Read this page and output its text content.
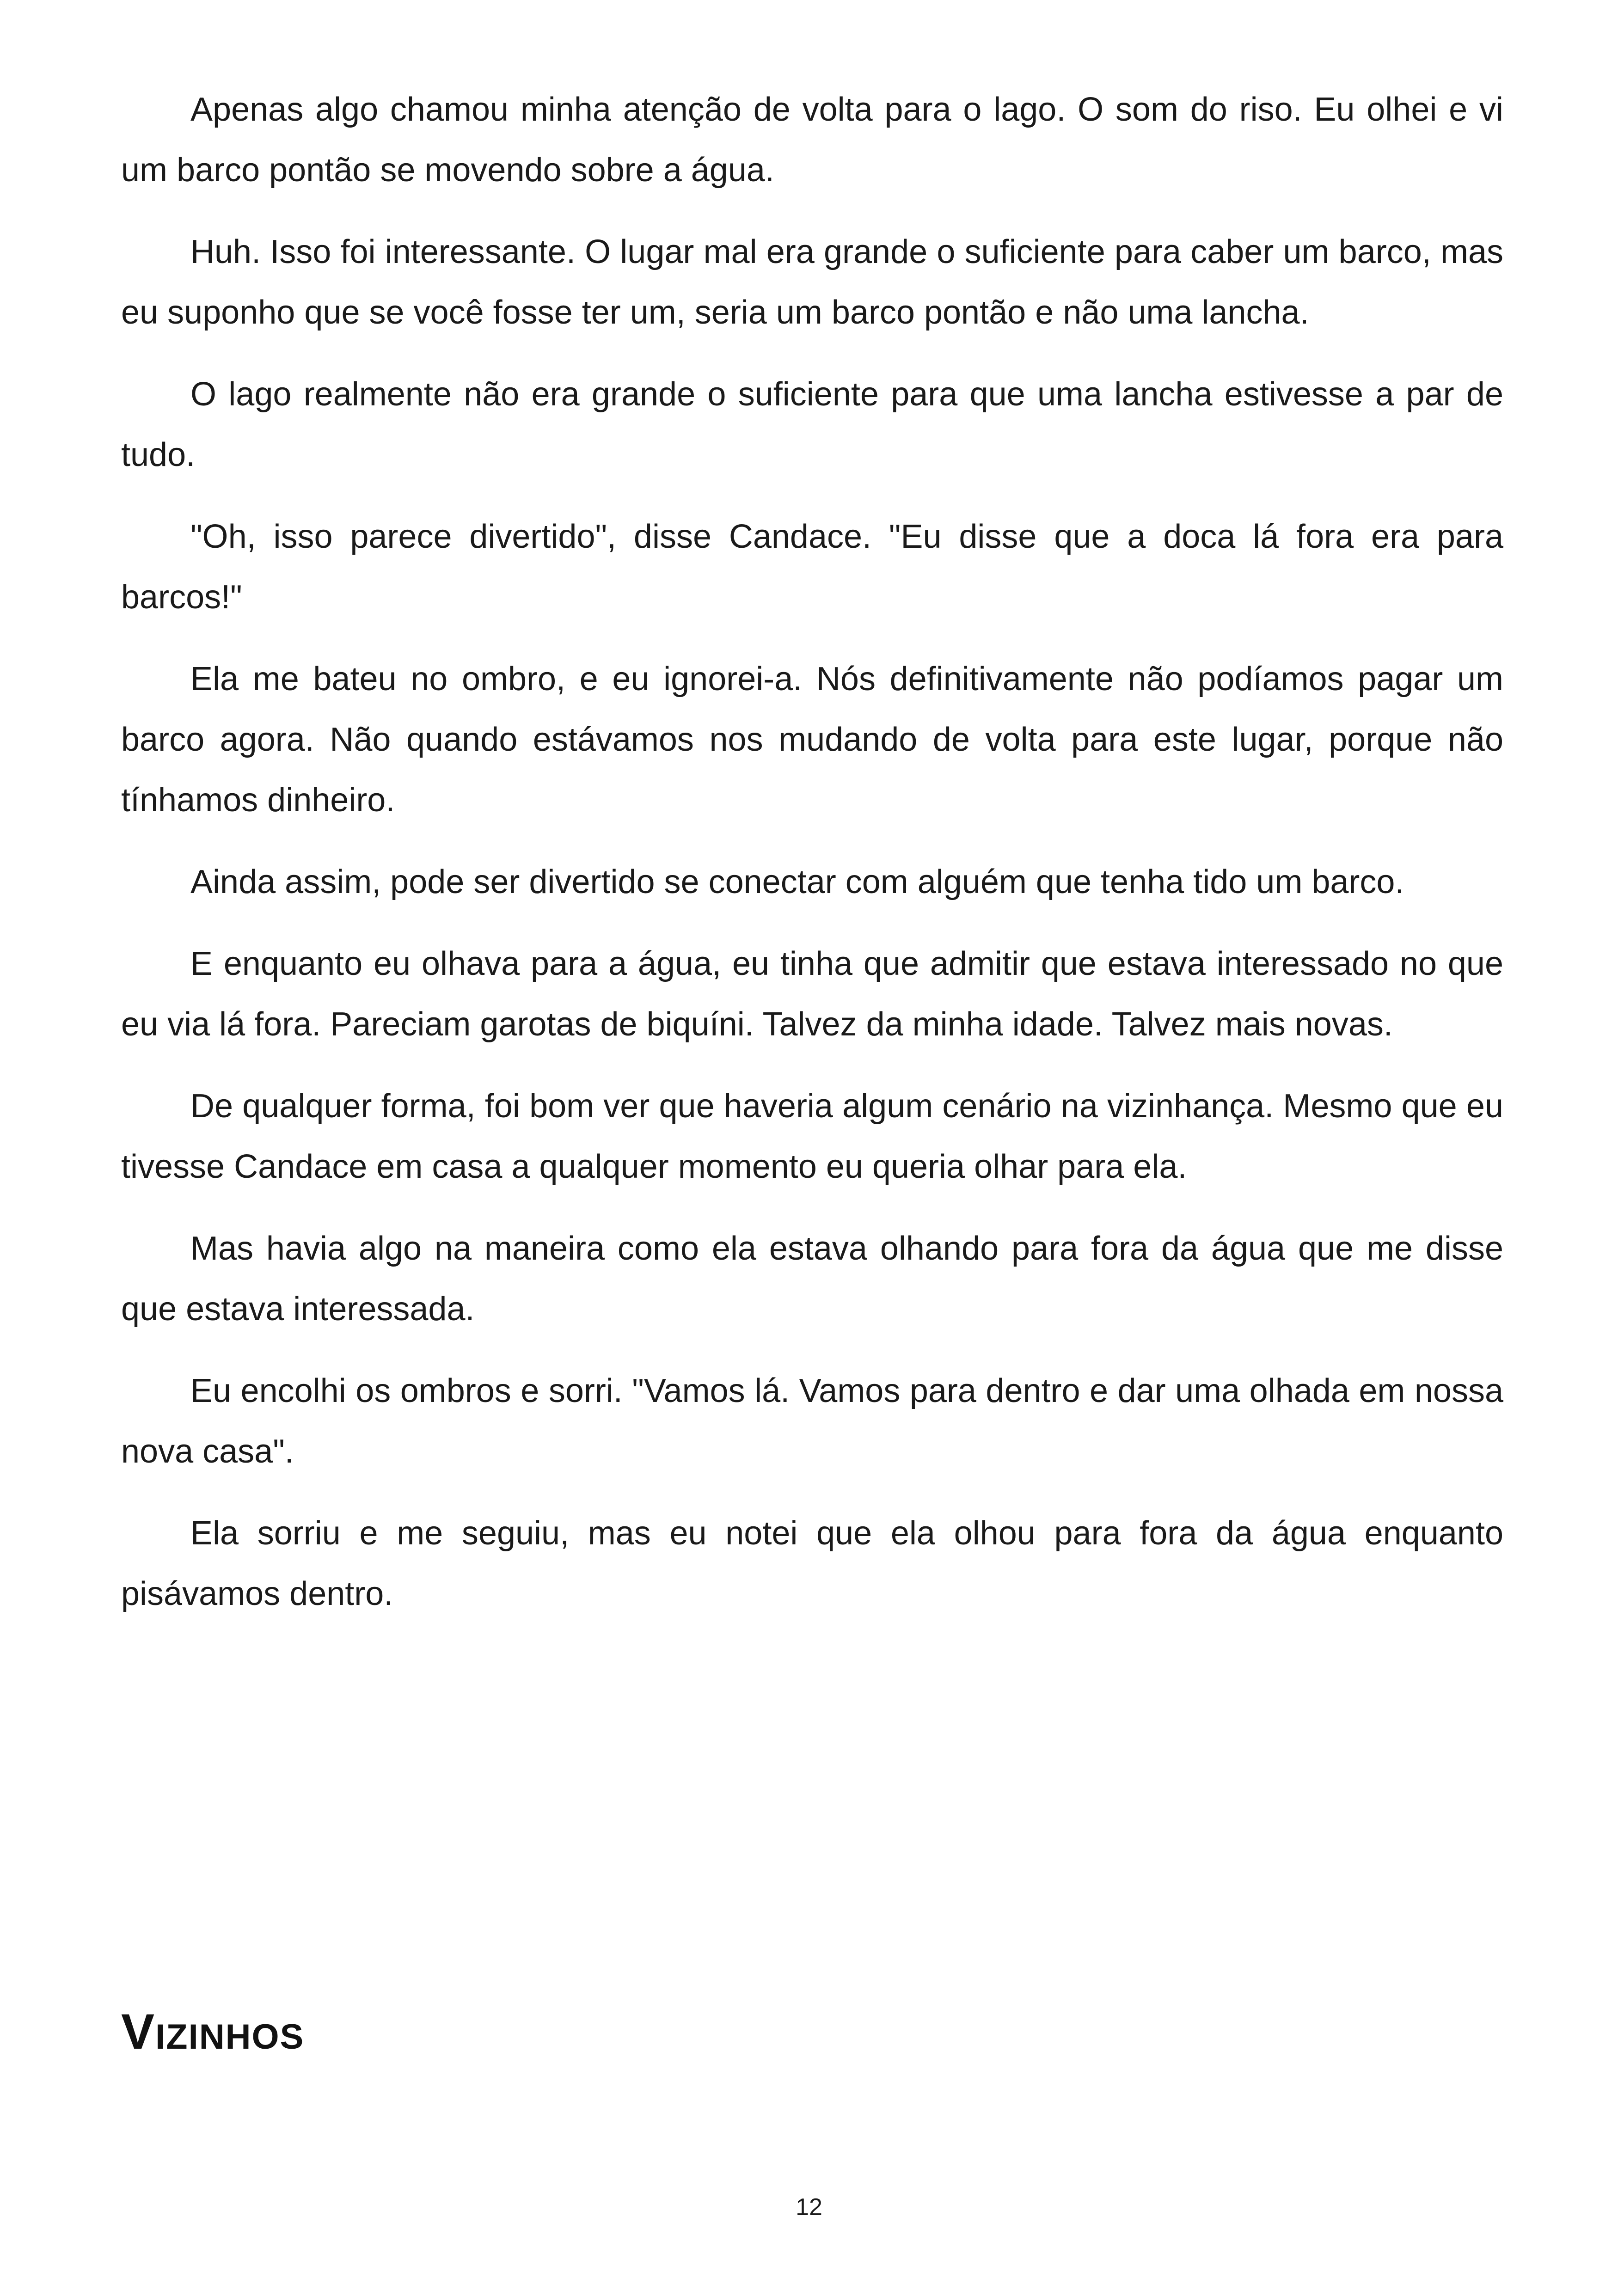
Apenas algo chamou minha atenção de volta para o lago. O som do riso. Eu olhei e vi um barco pontão se movendo sobre a água.

Huh. Isso foi interessante. O lugar mal era grande o suficiente para caber um barco, mas eu suponho que se você fosse ter um, seria um barco pontão e não uma lancha.

O lago realmente não era grande o suficiente para que uma lancha estivesse a par de tudo.

"Oh, isso parece divertido", disse Candace. "Eu disse que a doca lá fora era para barcos!"

Ela me bateu no ombro, e eu ignorei-a. Nós definitivamente não podíamos pagar um barco agora. Não quando estávamos nos mudando de volta para este lugar, porque não tínhamos dinheiro.

Ainda assim, pode ser divertido se conectar com alguém que tenha tido um barco.

E enquanto eu olhava para a água, eu tinha que admitir que estava interessado no que eu via lá fora. Pareciam garotas de biquíni. Talvez da minha idade. Talvez mais novas.

De qualquer forma, foi bom ver que haveria algum cenário na vizinhança. Mesmo que eu tivesse Candace em casa a qualquer momento eu queria olhar para ela.

Mas havia algo na maneira como ela estava olhando para fora da água que me disse que estava interessada.

Eu encolhi os ombros e sorri. "Vamos lá. Vamos para dentro e dar uma olhada em nossa nova casa".

Ela sorriu e me seguiu, mas eu notei que ela olhou para fora da água enquanto pisávamos dentro.

Vizinhos
12
